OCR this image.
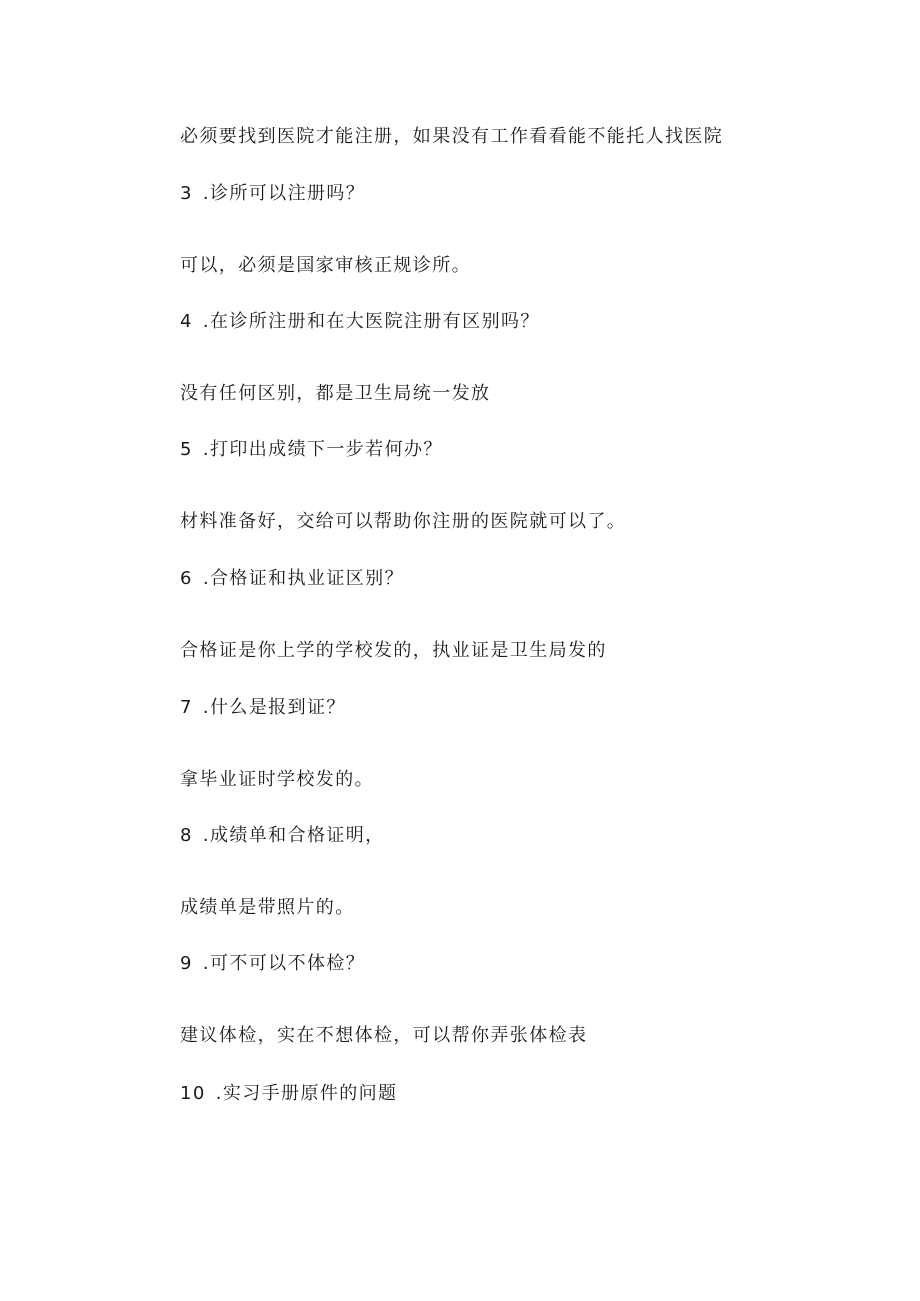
必须要找到医院才能注册，如果没有工作看看能不能托人找医院
3 .诊所可以注册吗？
可以，必须是国家审核正规诊所。
4 .在诊所注册和在大医院注册有区别吗？
没有任何区别，都是卫生局统一发放
5 .打印出成绩下一步若何办？
材料准备好，交给可以帮助你注册的医院就可以了。
6 .合格证和执业证区别？
合格证是你上学的学校发的，执业证是卫生局发的
7 .什么是报到证？
拿毕业证时学校发的。
8 .成绩单和合格证明，
成绩单是带照片的。
9 .可不可以不体检？
建议体检，实在不想体检，可以帮你弄张体检表
10 .实习手册原件的问题
